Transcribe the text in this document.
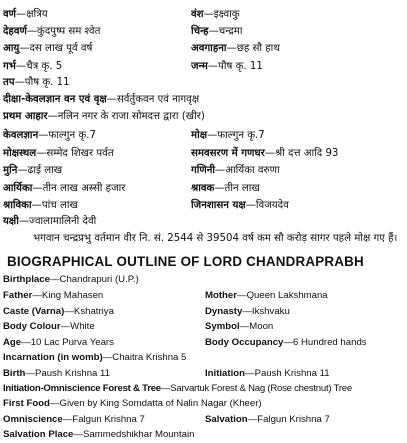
वर्ण—क्षत्रिय	वंश—इक्ष्वाकु
देहवर्ण—कुंदपुष्प सम श्वेत	चिन्ह—चन्द्रमा
आयु—दस लाख पूर्व वर्ष	अवगाहना—छह सौ हाथ
गर्भ—चैत्र कृ. 5	जन्म—पौष कृ. 11
तप—पौष कृ. 11
दीक्षा-केवलज्ञान वन एवं वृक्ष—सर्वर्तुकवन एवं नागवृक्ष
प्रथम आहार—नलिन नगर के राजा सोमदत्त द्वारा (खीर)
केवलज्ञान—फाल्गुन कृ.7	मोक्ष—फाल्गुन कृ.7
मोक्षस्थल—सम्मेद शिखर पर्वत	समवसरण में गणधर—श्री दत्त आदि 93
मुनि—ढाई लाख	गणिनी—आर्यिका वरुणा
आर्यिका—तीन लाख अस्सी हजार	श्रावक—तीन लाख
श्राविका—पांच लाख	जिनशासन यक्ष—विजयदेव
यक्षी—ज्वालामालिनी देवी
भगवान चन्द्रप्रभु वर्तमान वीर नि. सं. 2544 से 39504 वर्ष कम सौ करोड़ सागर पहले मोक्ष गए हैं।
BIOGRAPHICAL OUTLINE OF LORD CHANDRAPRABH
Birthplace—Chandrapuri (U.P.)
Father—King Mahasen	Mother—Queen Lakshmana
Caste (Varna)—Kshatriya	Dynasty—Ikshvaku
Body Colour—White	Symbol—Moon
Age—10 Lac Purva Years	Body Occupancy—6 Hundred hands
Incarnation (in womb)—Chaitra Krishna 5
Birth—Paush Krishna 11	Initiation—Paush Krishna 11
Initiation-Omniscience Forest & Tree—Sarvartuk Forest & Nag (Rose chestnut) Tree
First Food—Given by King Somdatta of Nalin Nagar (Kheer)
Omniscience—Falgun Krishna 7	Salvation—Falgun Krishna 7
Salvation Place—Sammedshikhar Mountain
